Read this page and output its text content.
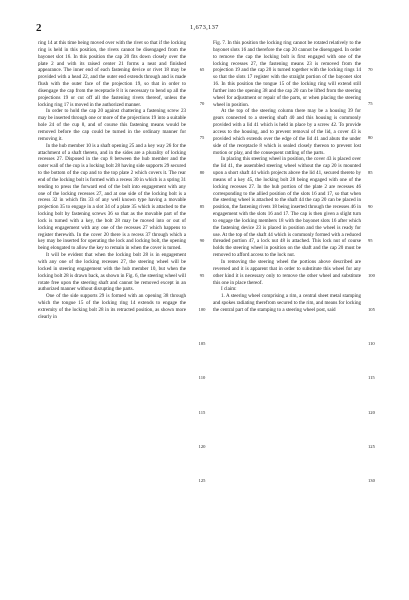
2	1,673,137

ring 14 at this time being moved over with the rivet so that if the locking ring is held in this position, the rivets cannot be disengaged from the bayonet slot 16. In this position the cap 20 fits down closely over the plate 2 and with its raised center 21 forms a neat and finished appearance. The inner end of each fastening device or rivet 18 may be provided with a head 22, and the outer end extends through and is made flush with the outer face of the projection 19, so that in order to disengage the cap from the receptacle 8 it is necessary to bend up all the projections 19 or cut off all the fastening rivets thereof, unless the locking ring 17 is moved in the authorized manner.

In order to hold the cap 20 against chattering a fastening screw 23 may be inserted through one or more of the projections 19 into a suitable hole 24 of the cup 8, and of course this fastening means would be removed before the cap could be turned in the ordinary manner for removing it.

In the hub member 10 is a shaft opening 25 and a key way 26 for the attachment of a shaft thereto, and in the sides are a plurality of locking recesses 27. Disposed in the cup 8 between the hub member and the outer wall of the cup is a locking bolt 28 having side supports 29 secured to the bottom of the cup and to the top plate 2 which covers it. The rear end of the locking bolt is formed with a recess 30 in which is a spring 31 tending to press the forward end of the bolt into engagement with any one of the locking recesses 27, and at one side of the locking bolt is a recess 32 in which fits 33 of any well known type having a movable projection 35 to engage in a slot 34 of a plate 35 which is attached to the locking bolt by fastening screws 36 so that as the movable part of the lock is turned with a key, the bolt 28 may be moved into or out of locking engagement with any one of the recesses 27 which happens to register therewith. In the cover 20 there is a recess 37 through which a key may be inserted for operating the lock and locking bolt, the opening being elongated to allow the key to remain in when the cover is turned.

It will be evident that when the locking bolt 28 is in engagement with any one of the locking recesses 27, the steering wheel will be locked in steering engagement with the hub member 10, but when the locking bolt 28 is drawn back, as shown in Fig. 6, the steering wheel will rotate free upon the steering shaft and cannot be removed except in an authorized manner without disrupting the parts.

One of the side supports 29 is formed with an opening 38 through which the tongue 15 of the locking ring 14 extends to engage the extremity of the locking bolt 28 in its retracted position, as shown more clearly in

65
70
75
80
85
90
95
100
105
110
115
120
125

Fig. 7. In this position the locking ring cannot be rotated relatively to the bayonet slots 16 and therefore the cap 20 cannot be disengaged. In order to remove the cap the locking bolt is first engaged with one of the locking recesses 27, the fastening means 23 is removed from the projection 19 and the cap 20 is turned together with the locking rings 14 so that the slots 17 register with the straight portion of the bayonet slot 16. In this position the tongue 15 of the locking ring will extend still further into the opening 38 and the cap 20 can be lifted from the steering wheel for adjustment or repair of the parts, or when placing the steering wheel in position.

At the top of the steering column there may be a housing 39 for gears connected to a steering shaft 40 and this housing is commonly provided with a lid 41 which is held in place by a screw 42. To provide access to the housing, and to prevent removal of the lid, a cover 43 is provided which extends over the edge of the lid 41 and abuts the under side of the receptacle 8 which is sealed closely thereon to prevent lost motion or play, and the consequent rattling of the parts.

In placing this steering wheel in position, the cover 43 is placed over the lid 41, the assembled steering wheel without the cap 20 is mounted upon a short shaft 44 which projects above the lid 41, secured thereto by means of a key 45, the locking bolt 28 being engaged with one of the locking recesses 27. In the hub portion of the plate 2 are recesses 46 corresponding to the allied position of the slots 16 and 17, so that when the steering wheel is attached to the shaft 44 the cap 20 can be placed in position, the fastening rivets 18 being inserted through the recesses 46 in engagement with the slots 16 and 17. The cap is then given a slight turn to engage the locking members 18 with the bayonet slots 16 after which the fastening device 23 is placed in position and the wheel is ready for use. At the top of the shaft 44 which is commonly formed with a reduced threaded portion 47, a lock nut 48 is attached. This lock nut of course holds the steering wheel in position on the shaft and the cap 20 must be removed to afford access to the lock nut.

In removing the steering wheel the portions above described are reversed and it is apparent that in order to substitute this wheel for any other kind it is necessary only to remove the other wheel and substitute this one in place thereof.

I claim:

1. A steering wheel comprising a rim, a central sheet metal stamping and spokes radiating therefrom secured to the rim, and means for locking the central part of the stamping to a steering wheel post, said

70
75
80
85
90
95
100
105
110
115
120
125
130
